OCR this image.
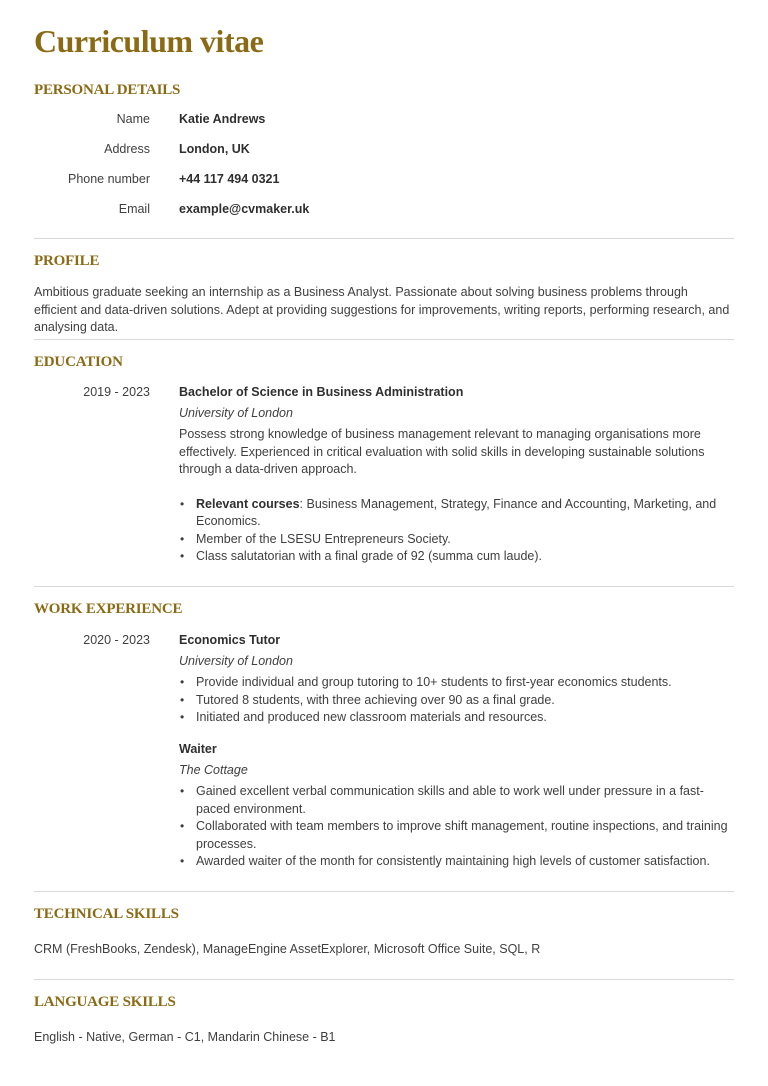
Curriculum vitae
PERSONAL DETAILS
Name Katie Andrews
Address London, UK
Phone number +44 117 494 0321
Email example@cvmaker.uk
PROFILE
Ambitious graduate seeking an internship as a Business Analyst. Passionate about solving business problems through efficient and data-driven solutions. Adept at providing suggestions for improvements, writing reports, performing research, and analysing data.
EDUCATION
2019 - 2023 Bachelor of Science in Business Administration
University of London
Possess strong knowledge of business management relevant to managing organisations more effectively. Experienced in critical evaluation with solid skills in developing sustainable solutions through a data-driven approach.
• Relevant courses: Business Management, Strategy, Finance and Accounting, Marketing, and Economics.
• Member of the LSESU Entrepreneurs Society.
• Class salutatorian with a final grade of 92 (summa cum laude).
WORK EXPERIENCE
2020 - 2023 Economics Tutor
University of London
• Provide individual and group tutoring to 10+ students to first-year economics students.
• Tutored 8 students, with three achieving over 90 as a final grade.
• Initiated and produced new classroom materials and resources.
Waiter
The Cottage
• Gained excellent verbal communication skills and able to work well under pressure in a fast-paced environment.
• Collaborated with team members to improve shift management, routine inspections, and training processes.
• Awarded waiter of the month for consistently maintaining high levels of customer satisfaction.
TECHNICAL SKILLS
CRM (FreshBooks, Zendesk), ManageEngine AssetExplorer, Microsoft Office Suite, SQL, R
LANGUAGE SKILLS
English - Native, German - C1, Mandarin Chinese - B1
